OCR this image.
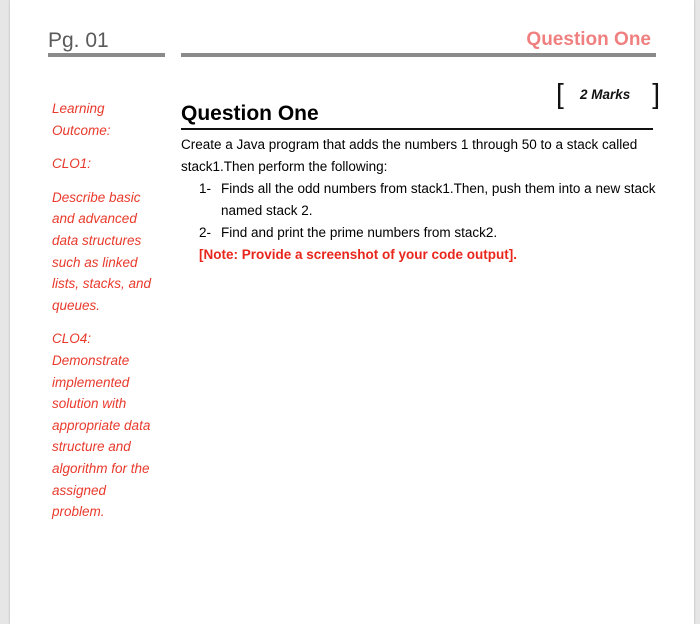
Pg. 01	Question One

Learning Outcome:

CLO1:

Describe basic and advanced data structures such as linked lists, stacks, and queues.

CLO4:

Demonstrate implemented solution with appropriate data structure and algorithm for the assigned problem.

[ 2 Marks ]
Question One

Create a Java program that adds the numbers 1 through 50 to a stack called stack1.Then perform the following:

1- Finds all the odd numbers from stack1.Then, push them into a new stack named stack 2.
2- Find and print the prime numbers from stack2.

[Note: Provide a screenshot of your code output].
